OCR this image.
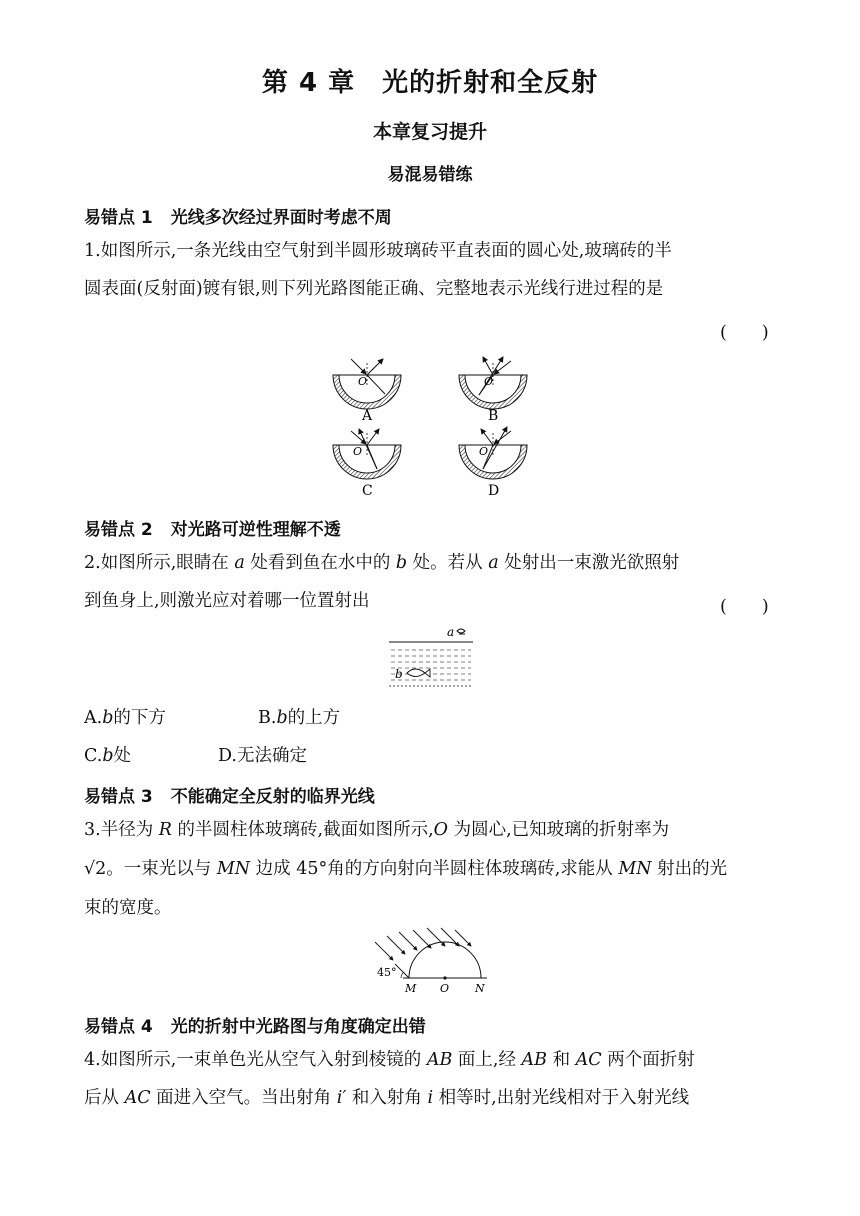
第 4 章　光的折射和全反射
本章复习提升
易混易错练
易错点 1 光线多次经过界面时考虑不周
1.如图所示,一条光线由空气射到半圆形玻璃砖平直表面的圆心处,玻璃砖的半
圆表面(反射面)镀有银,则下列光路图能正确、完整地表示光线行进过程的是
(　　)
O
A
O
B
O
C
O
D
易错点 2 对光路可逆性理解不透
2.如图所示,眼睛在 a 处看到鱼在水中的 b 处。若从 a 处射出一束激光欲照射
到鱼身上,则激光应对着哪一位置射出	(　　)
a
b
A.b的下方	B.b的上方
C.b处	D.无法确定
易错点 3 不能确定全反射的临界光线
3.半径为 R 的半圆柱体玻璃砖,截面如图所示,O 为圆心,已知玻璃的折射率为
√2。一束光以与 MN 边成 45°角的方向射向半圆柱体玻璃砖,求能从 MN 射出的光
束的宽度。
45°
M O N
易错点 4 光的折射中光路图与角度确定出错
4.如图所示,一束单色光从空气入射到棱镜的 AB 面上,经 AB 和 AC 两个面折射
后从 AC 面进入空气。当出射角 i′ 和入射角 i 相等时,出射光线相对于入射光线
